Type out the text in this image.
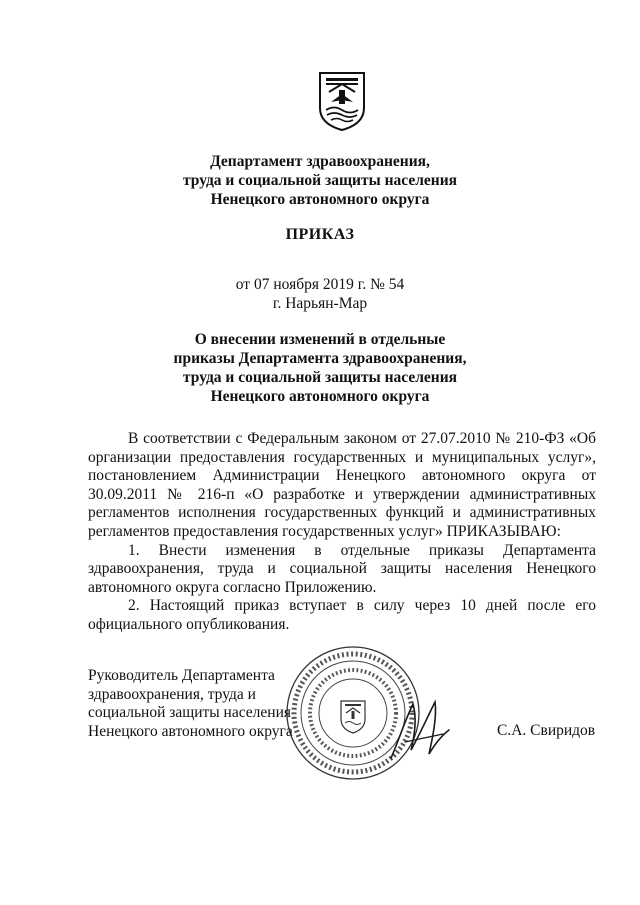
Департамент здравоохранения,
труда и социальной защиты населения
Ненецкого автономного округа
ПРИКАЗ
от 07 ноября 2019 г. № 54
г. Нарьян-Мар
О внесении изменений в отдельные
приказы Департамента здравоохранения,
труда и социальной защиты населения
Ненецкого автономного округа

В соответствии с Федеральным законом от 27.07.2010 № 210-ФЗ «Об организации предоставления государственных и муниципальных услуг», постановлением Администрации Ненецкого автономного округа от 30.09.2011 № 216-п «О разработке и утверждении административных регламентов исполнения государственных функций и административных регламентов предоставления государственных услуг» ПРИКАЗЫВАЮ:

1. Внести изменения в отдельные приказы Департамента здравоохранения, труда и социальной защиты населения Ненецкого автономного округа согласно Приложению.

2. Настоящий приказ вступает в силу через 10 дней после его официального опубликования.

Руководитель Департамента
здравоохранения, труда и
социальной защиты населения
Ненецкого автономного округа	С.А. Свиридов
